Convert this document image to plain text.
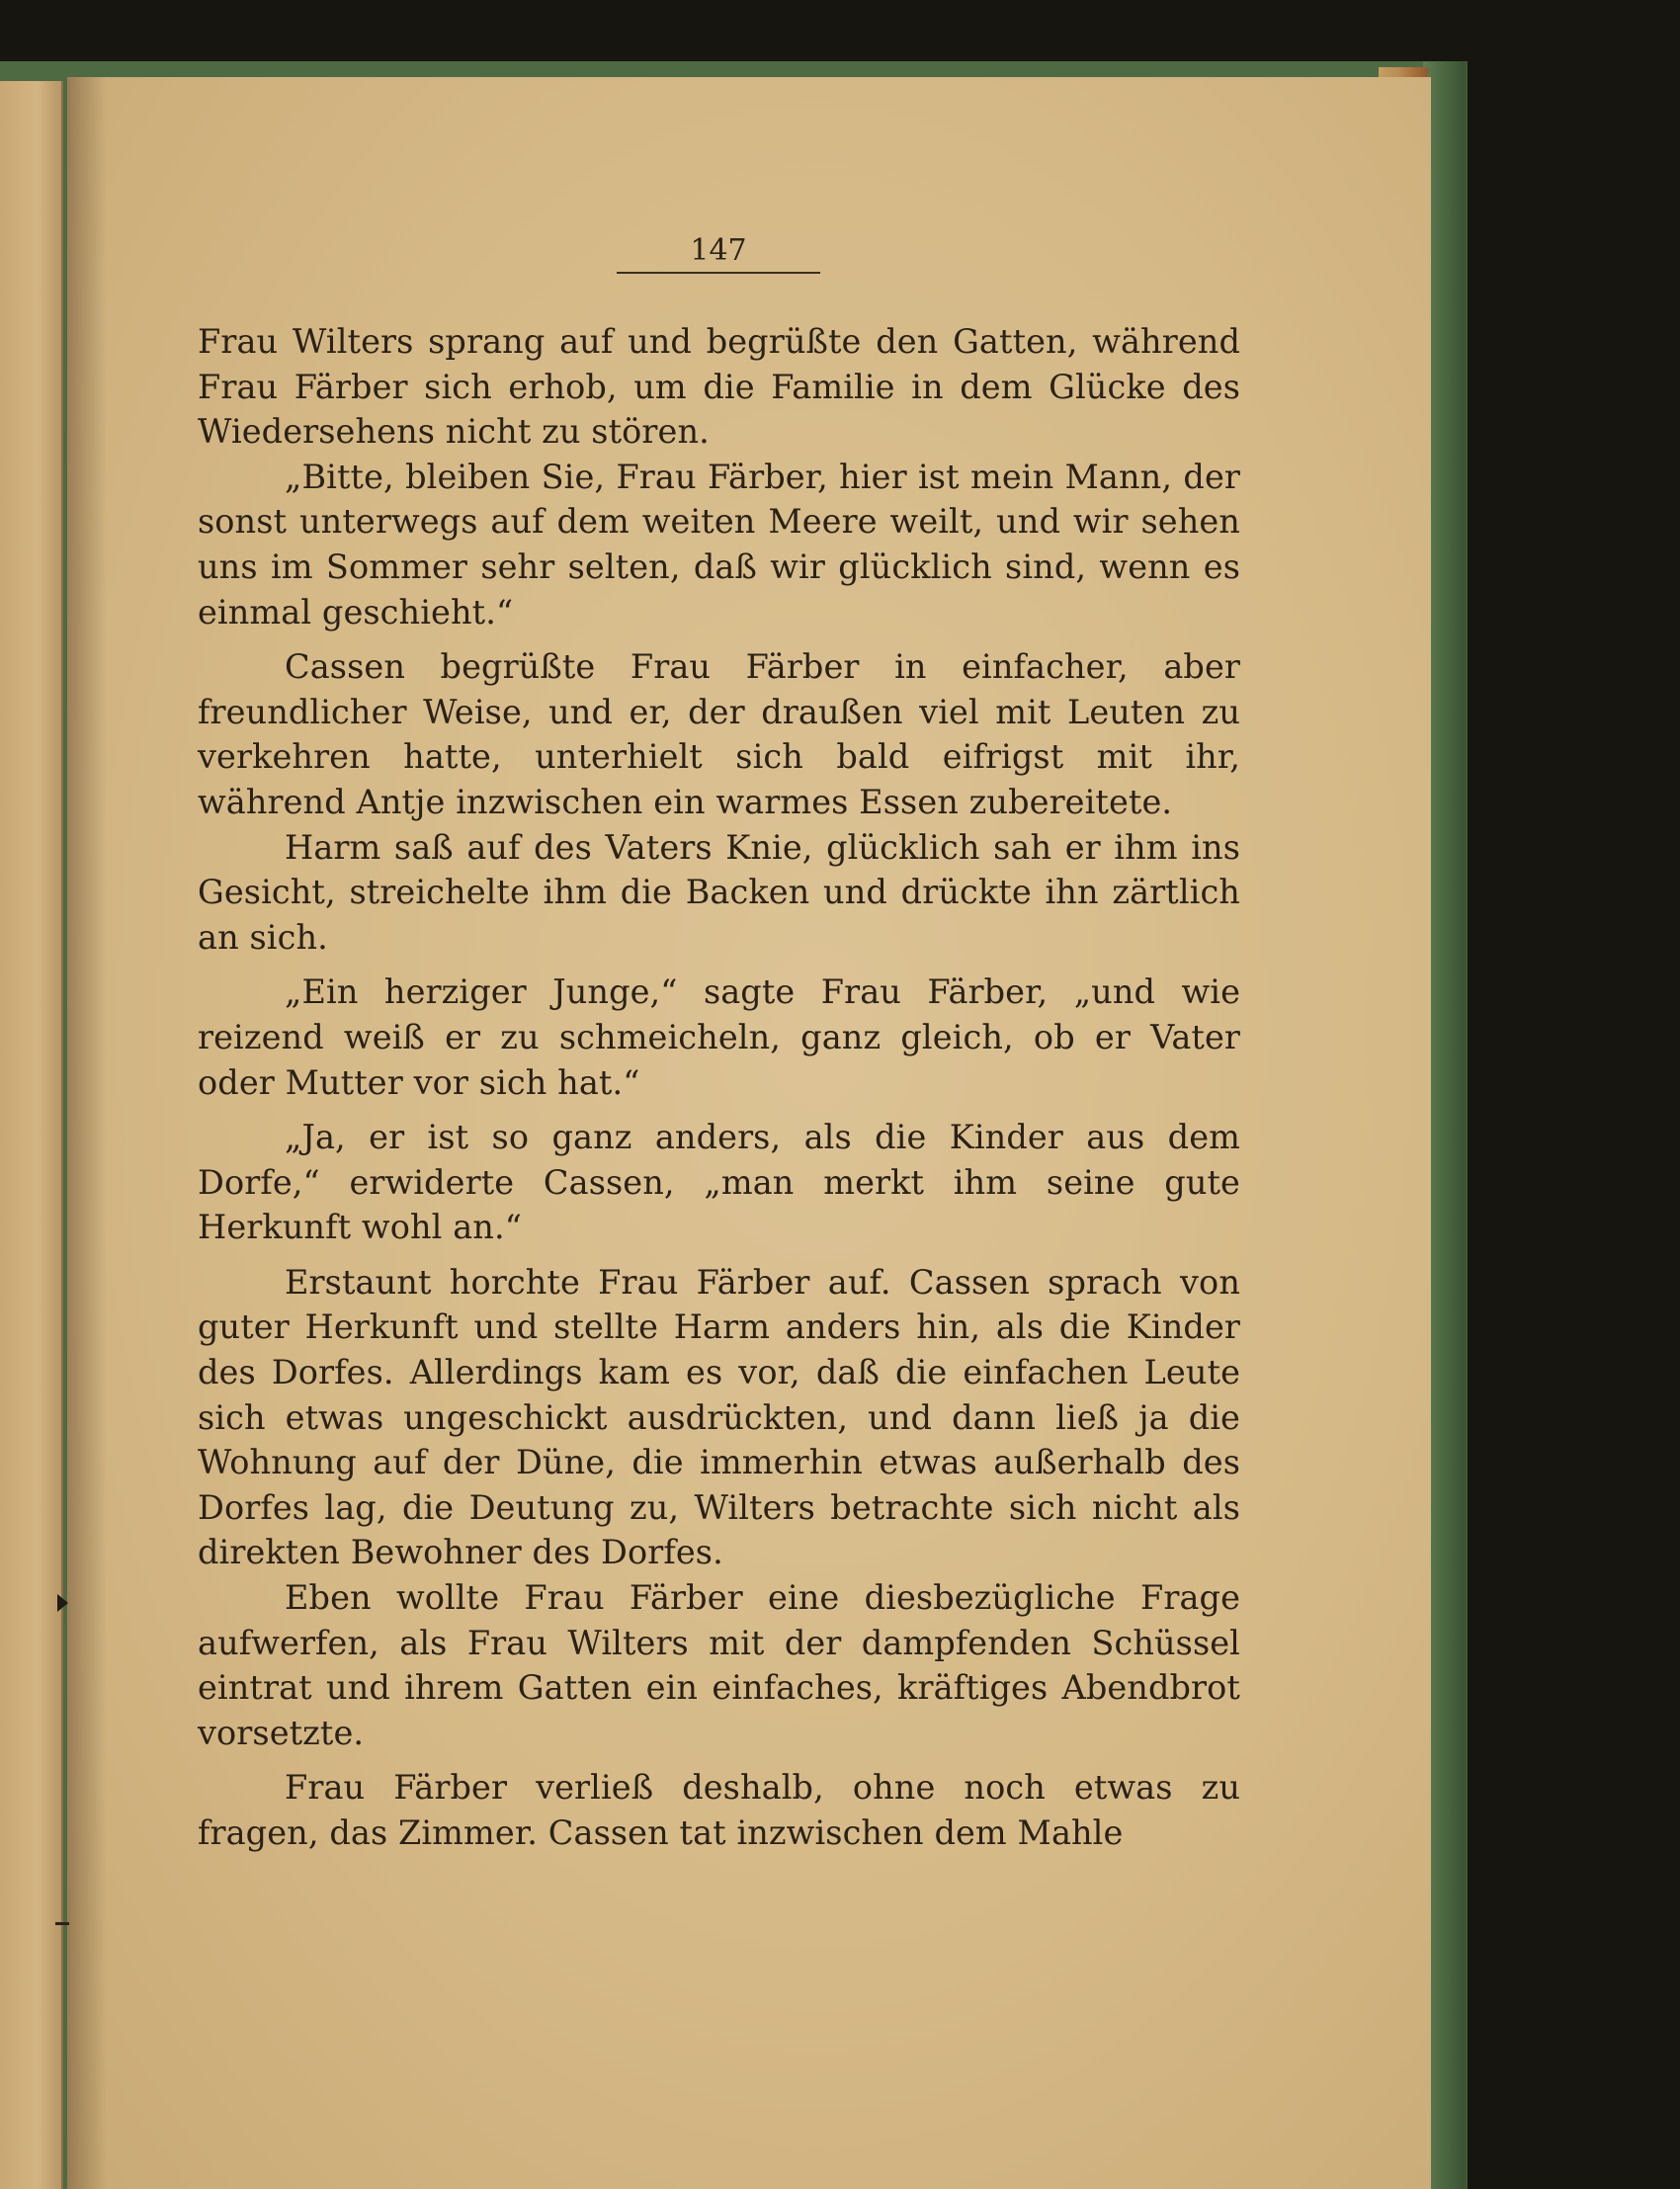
147

Frau Wilters sprang auf und begrüßte den Gatten, während Frau Färber sich erhob, um die Familie in dem Glücke des Wiedersehens nicht zu stören.

„Bitte, bleiben Sie, Frau Färber, hier ist mein Mann, der sonst unterwegs auf dem weiten Meere weilt, und wir sehen uns im Sommer sehr selten, daß wir glücklich sind, wenn es einmal geschieht.“

Cassen begrüßte Frau Färber in einfacher, aber freundlicher Weise, und er, der draußen viel mit Leuten zu verkehren hatte, unterhielt sich bald eifrigst mit ihr, während Antje inzwischen ein warmes Essen zubereitete.

Harm saß auf des Vaters Knie, glücklich sah er ihm ins Gesicht, streichelte ihm die Backen und drückte ihn zärtlich an sich.

„Ein herziger Junge,“ sagte Frau Färber, „und wie reizend weiß er zu schmeicheln, ganz gleich, ob er Vater oder Mutter vor sich hat.“

„Ja, er ist so ganz anders, als die Kinder aus dem Dorfe,“ erwiderte Cassen, „man merkt ihm seine gute Herkunft wohl an.“

Erstaunt horchte Frau Färber auf. Cassen sprach von guter Herkunft und stellte Harm anders hin, als die Kinder des Dorfes. Allerdings kam es vor, daß die einfachen Leute sich etwas ungeschickt ausdrückten, und dann ließ ja die Wohnung auf der Düne, die immerhin etwas außerhalb des Dorfes lag, die Deutung zu, Wilters betrachte sich nicht als direkten Bewohner des Dorfes.

Eben wollte Frau Färber eine diesbezügliche Frage aufwerfen, als Frau Wilters mit der dampfenden Schüssel eintrat und ihrem Gatten ein einfaches, kräftiges Abendbrot vorsetzte.

Frau Färber verließ deshalb, ohne noch etwas zu fragen, das Zimmer. Cassen tat inzwischen dem Mahle
